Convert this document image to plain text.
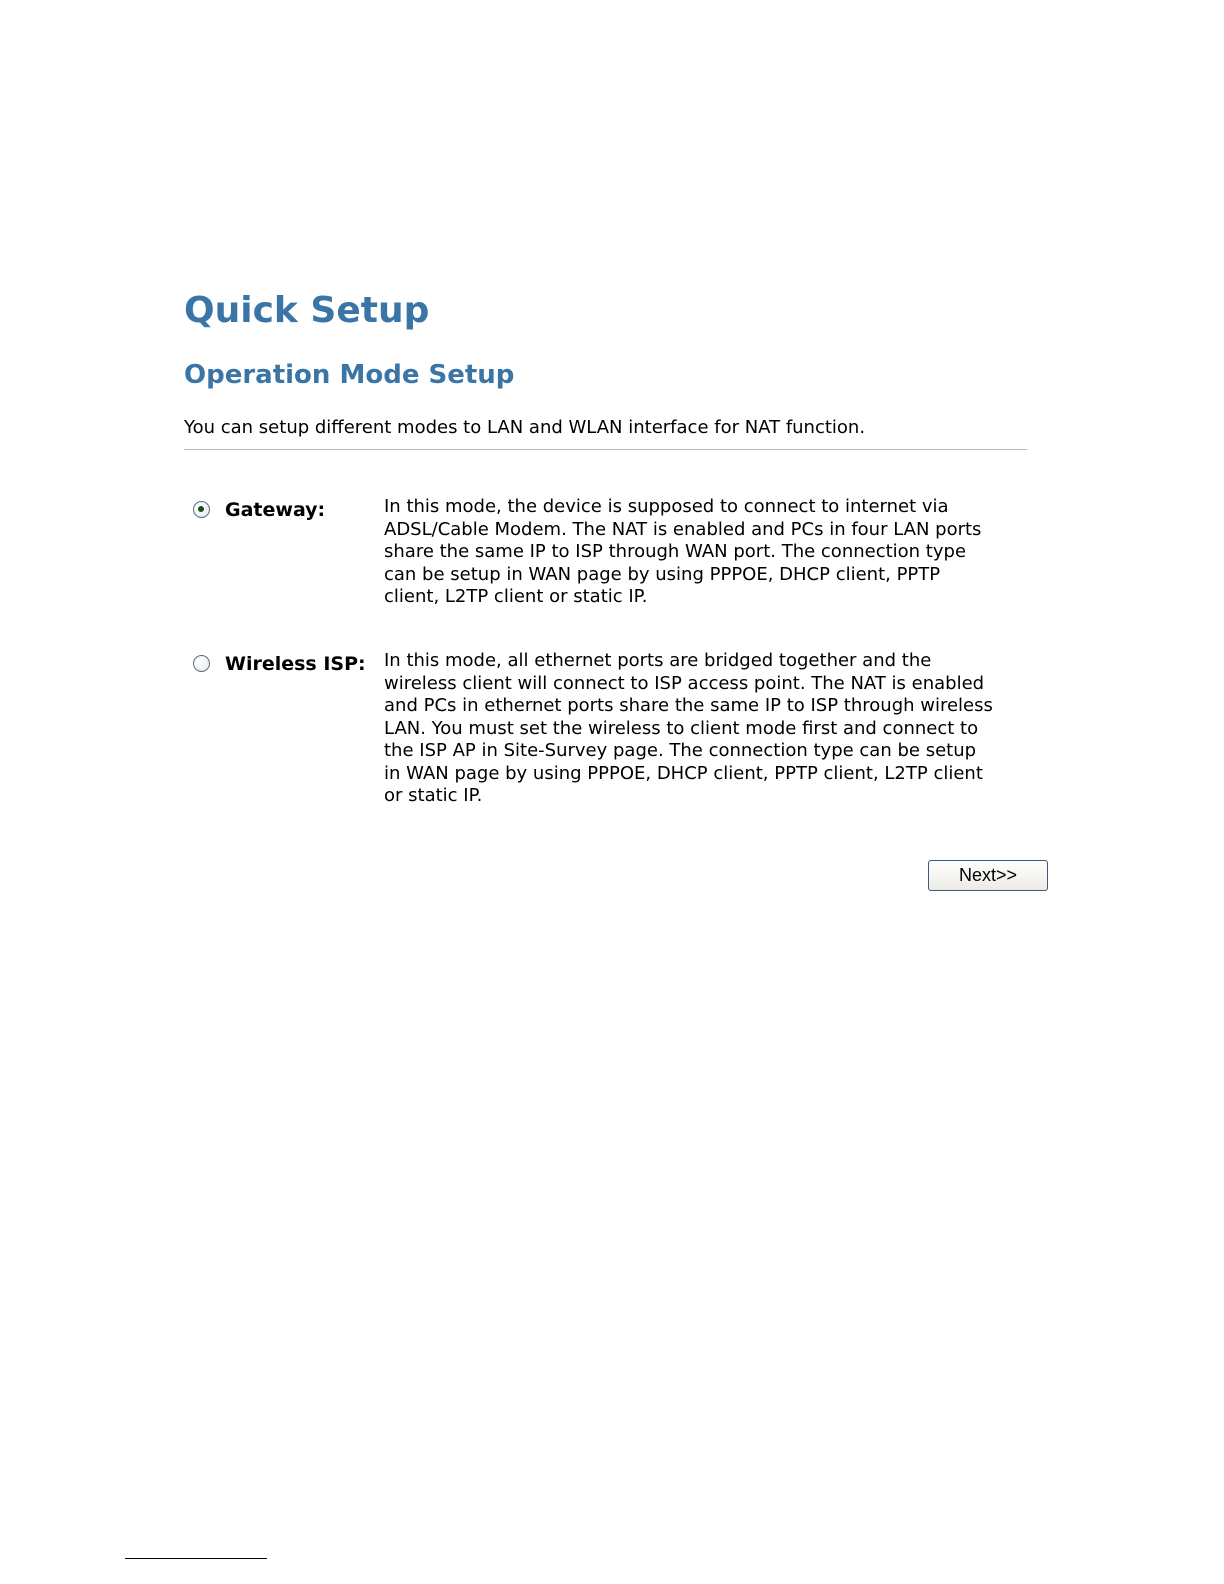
Quick Setup
Operation Mode Setup

You can setup different modes to LAN and WLAN interface for NAT function.

Gateway:	In this mode, the device is supposed to connect to internet via
ADSL/Cable Modem. The NAT is enabled and PCs in four LAN ports
share the same IP to ISP through WAN port. The connection type
can be setup in WAN page by using PPPOE, DHCP client, PPTP
client, L2TP client or static IP.

Wireless ISP: In this mode, all ethernet ports are bridged together and the
wireless client will connect to ISP access point. The NAT is enabled
and PCs in ethernet ports share the same IP to ISP through wireless
LAN. You must set the wireless to client mode first and connect to
the ISP AP in Site-Survey page. The connection type can be setup
in WAN page by using PPPOE, DHCP client, PPTP client, L2TP client
or static IP.

Next>>
